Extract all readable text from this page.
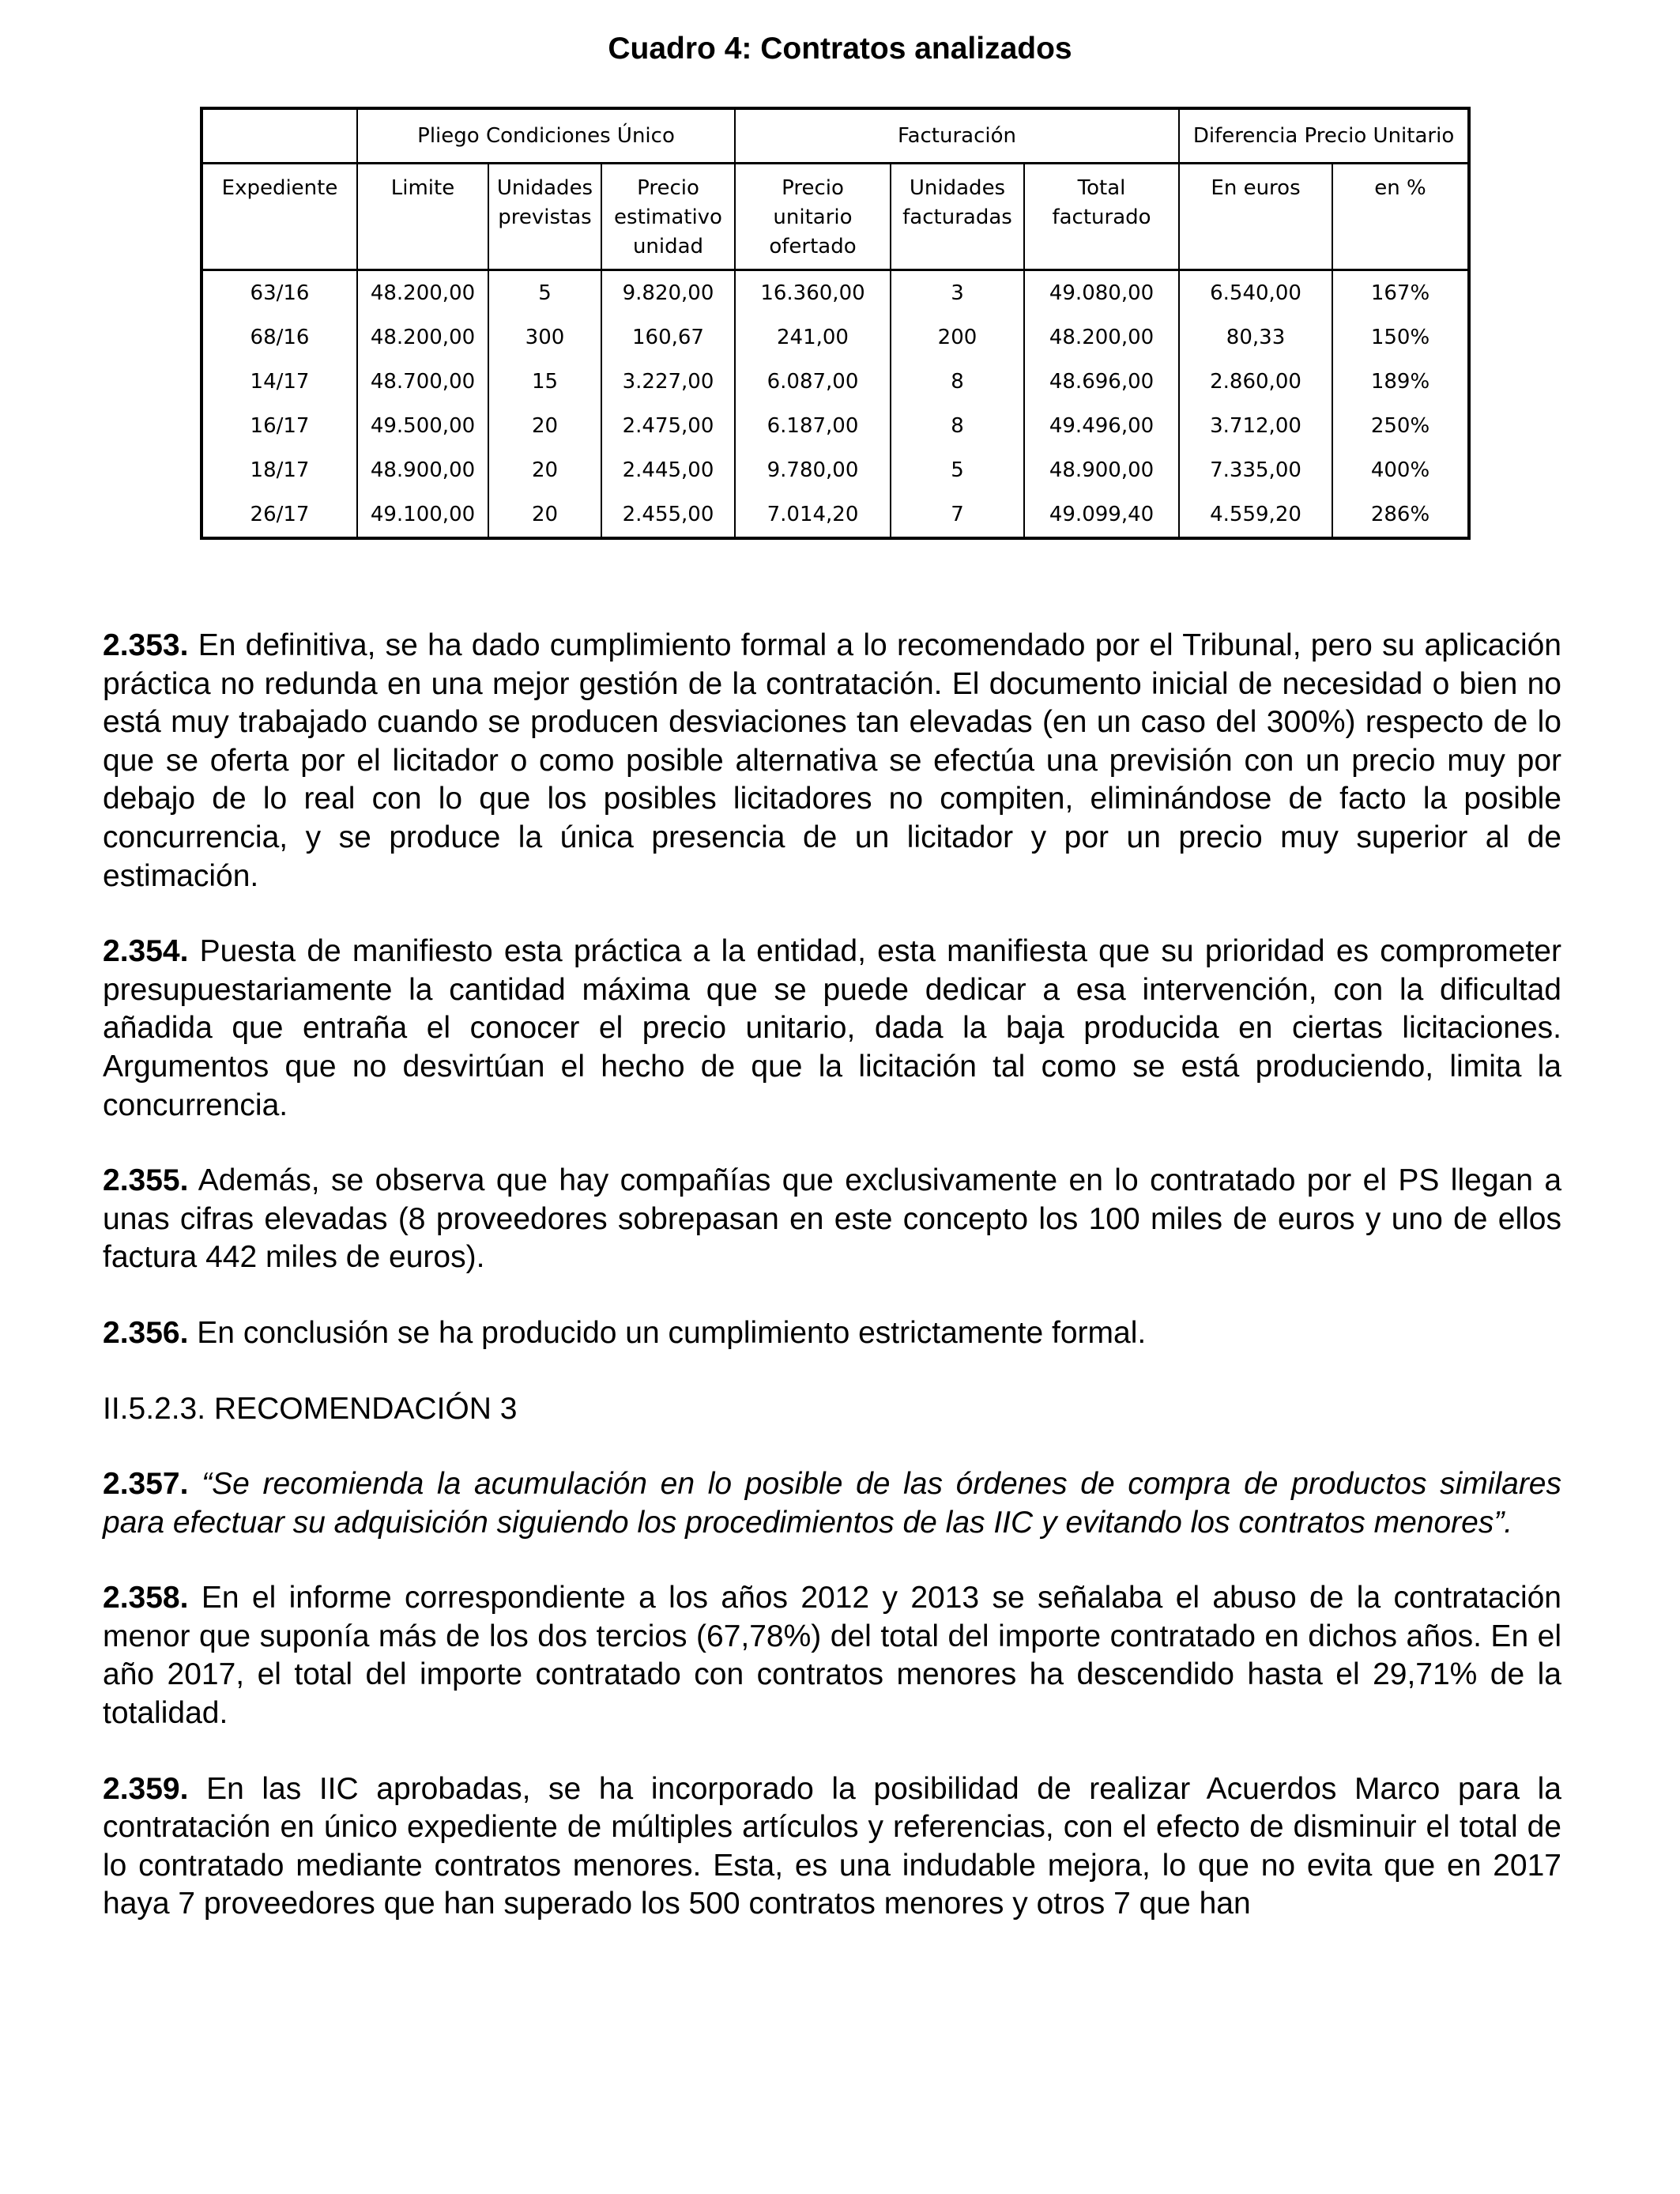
Cuadro 4: Contratos analizados
	Pliego Condiciones Único			Facturación			Diferencia Precio Unitario	
Expediente	Limite	Unidades previstas	Precio estimativo unidad	Precio unitario ofertado	Unidades facturadas	Total facturado	En euros	en %
63/16	48.200,00	5	9.820,00	16.360,00	3	49.080,00	6.540,00	167%
68/16	48.200,00	300	160,67	241,00	200	48.200,00	80,33	150%
14/17	48.700,00	15	3.227,00	6.087,00	8	48.696,00	2.860,00	189%
16/17	49.500,00	20	2.475,00	6.187,00	8	49.496,00	3.712,00	250%
18/17	48.900,00	20	2.445,00	9.780,00	5	48.900,00	7.335,00	400%
26/17	49.100,00	20	2.455,00	7.014,20	7	49.099,40	4.559,20	286%

2.353. En definitiva, se ha dado cumplimiento formal a lo recomendado por el Tribunal, pero su aplicación práctica no redunda en una mejor gestión de la contratación. El documento inicial de necesidad o bien no está muy trabajado cuando se producen desviaciones tan elevadas (en un caso del 300%) respecto de lo que se oferta por el licitador o como posible alternativa se efectúa una previsión con un precio muy por debajo de lo real con lo que los posibles licitadores no compiten, eliminándose de facto la posible concurrencia, y se produce la única presencia de un licitador y por un precio muy superior al de estimación.

2.354. Puesta de manifiesto esta práctica a la entidad, esta manifiesta que su prioridad es comprometer presupuestariamente la cantidad máxima que se puede dedicar a esa intervención, con la dificultad añadida que entraña el conocer el precio unitario, dada la baja producida en ciertas licitaciones. Argumentos que no desvirtúan el hecho de que la licitación tal como se está produciendo, limita la concurrencia.

2.355. Además, se observa que hay compañías que exclusivamente en lo contratado por el PS llegan a unas cifras elevadas (8 proveedores sobrepasan en este concepto los 100 miles de euros y uno de ellos factura 442 miles de euros).

2.356. En conclusión se ha producido un cumplimiento estrictamente formal.

II.5.2.3. RECOMENDACIÓN 3

2.357. “Se recomienda la acumulación en lo posible de las órdenes de compra de productos similares para efectuar su adquisición siguiendo los procedimientos de las IIC y evitando los contratos menores”.

2.358. En el informe correspondiente a los años 2012 y 2013 se señalaba el abuso de la contratación menor que suponía más de los dos tercios (67,78%) del total del importe contratado en dichos años. En el año 2017, el total del importe contratado con contratos menores ha descendido hasta el 29,71% de la totalidad.

2.359. En las IIC aprobadas, se ha incorporado la posibilidad de realizar Acuerdos Marco para la contratación en único expediente de múltiples artículos y referencias, con el efecto de disminuir el total de lo contratado mediante contratos menores. Esta, es una indudable mejora, lo que no evita que en 2017 haya 7 proveedores que han superado los 500 contratos menores y otros 7 que han
